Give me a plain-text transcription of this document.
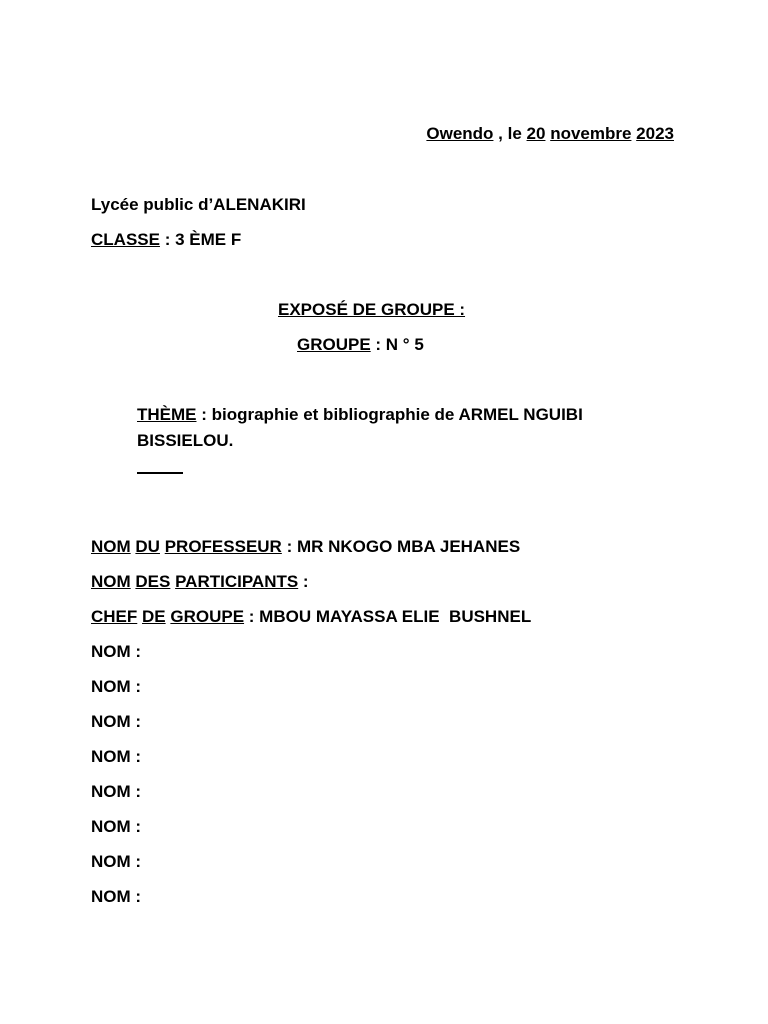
Owendo , le 20 novembre 2023
Lycée public d’ALENAKIRI
CLASSE : 3 ÈME F
EXPOSÉ DE GROUPE :
GROUPE : N ° 5
THÈME : biographie et bibliographie de ARMEL NGUIBI
BISSIELOU.
NOM DU PROFESSEUR : MR NKOGO MBA JEHANES
NOM DES PARTICIPANTS :
CHEF DE GROUPE : MBOU MAYASSA ELIE  BUSHNEL
NOM :
NOM :
NOM :
NOM :
NOM :
NOM :
NOM :
NOM :
